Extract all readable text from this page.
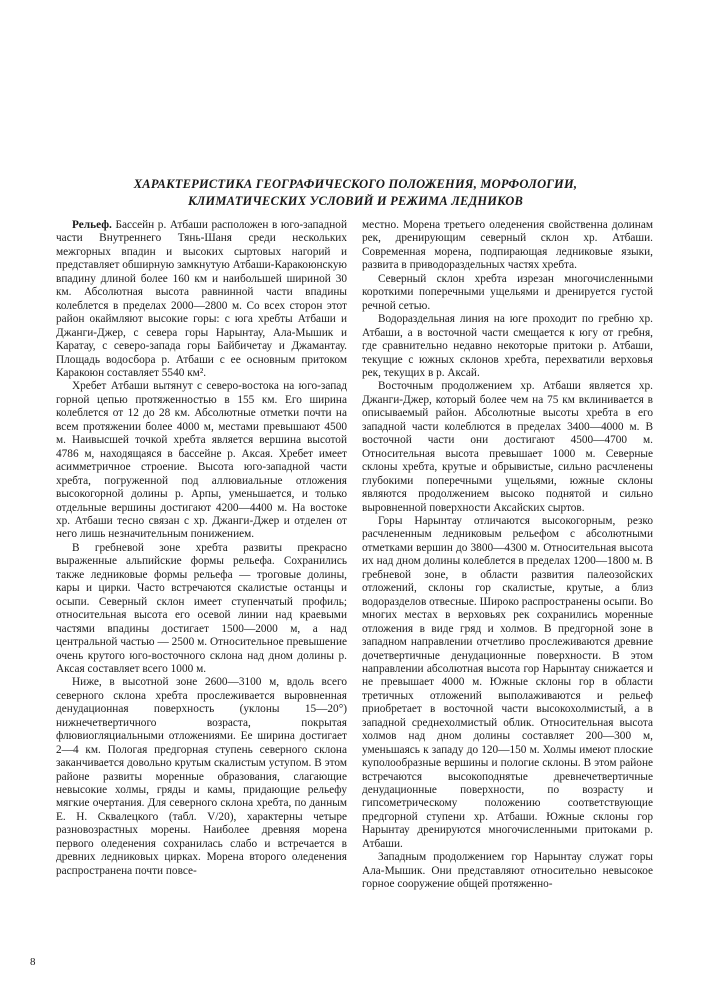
ХАРАКТЕРИСТИКА ГЕОГРАФИЧЕСКОГО ПОЛОЖЕНИЯ, МОРФОЛОГИИ,
КЛИМАТИЧЕСКИХ УСЛОВИЙ И РЕЖИМА ЛЕДНИКОВ

Рельеф. Бассейн р. Атбаши расположен в юго-западной части Внутреннего Тянь-Шаня среди нескольких межгорных впадин и высоких сыртовых нагорий и представляет обширную замкнутую Атбаши-Каракоюнскую впадину длиной более 160 км и наибольшей шириной 30 км. Абсолютная высота равнинной части впадины колеблется в пределах 2000—2800 м. Со всех сторон этот район окаймляют высокие горы: с юга хребты Атбаши и Джанги-Джер, с севера горы Нарынтау, Ала-Мышик и Каратау, с северо-запада горы Байбичетау и Джамантау. Площадь водосбора р. Атбаши с ее основным притоком Каракоюн составляет 5540 км².

Хребет Атбаши вытянут с северо-востока на юго-запад горной цепью протяженностью в 155 км. Его ширина колеблется от 12 до 28 км. Абсолютные отметки почти на всем протяжении более 4000 м, местами превышают 4500 м. Наивысшей точкой хребта является вершина высотой 4786 м, находящаяся в бассейне р. Аксая. Хребет имеет асимметричное строение. Высота юго-западной части хребта, погруженной под аллювиальные отложения высокогорной долины р. Арпы, уменьшается, и только отдельные вершины достигают 4200—4400 м. На востоке хр. Атбаши тесно связан с хр. Джанги-Джер и отделен от него лишь незначительным понижением.

В гребневой зоне хребта развиты прекрасно выраженные альпийские формы рельефа. Сохранились также ледниковые формы рельефа — троговые долины, кары и цирки. Часто встречаются скалистые останцы и осыпи. Северный склон имеет ступенчатый профиль; относительная высота его осевой линии над краевыми частями впадины достигает 1500—2000 м, а над центральной частью — 2500 м. Относительное превышение очень крутого юго-восточного склона над дном долины р. Аксая составляет всего 1000 м.

Ниже, в высотной зоне 2600—3100 м, вдоль всего северного склона хребта прослеживается выровненная денудационная поверхность (уклоны 15—20°) нижнечетвертичного возраста, покрытая флювиогляциальными отложениями. Ее ширина достигает 2—4 км. Пологая предгорная ступень северного склона заканчивается довольно крутым скалистым уступом. В этом районе развиты моренные образования, слагающие невысокие холмы, гряды и камы, придающие рельефу мягкие очертания. Для северного склона хребта, по данным Е. Н. Сквалецкого (табл. V/20), характерны четыре разновозрастных морены. Наиболее древняя морена первого оледенения сохранилась слабо и встречается в древних ледниковых цирках. Морена второго оледенения распространена почти повсе-

местно. Морена третьего оледенения свойственна долинам рек, дренирующим северный склон хр. Атбаши. Современная морена, подпирающая ледниковые языки, развита в приводораздельных частях хребта.

Северный склон хребта изрезан многочисленными короткими поперечными ущельями и дренируется густой речной сетью.

Водораздельная линия на юге проходит по гребню хр. Атбаши, а в восточной части смещается к югу от гребня, где сравнительно недавно некоторые притоки р. Атбаши, текущие с южных склонов хребта, перехватили верховья рек, текущих в р. Аксай.

Восточным продолжением хр. Атбаши является хр. Джанги-Джер, который более чем на 75 км вклинивается в описываемый район. Абсолютные высоты хребта в его западной части колеблются в пределах 3400—4000 м. В восточной части они достигают 4500—4700 м. Относительная высота превышает 1000 м. Северные склоны хребта, крутые и обрывистые, сильно расчленены глубокими поперечными ущельями, южные склоны являются продолжением высоко поднятой и сильно выровненной поверхности Аксайских сыртов.

Горы Нарынтау отличаются высокогорным, резко расчлененным ледниковым рельефом с абсолютными отметками вершин до 3800—4300 м. Относительная высота их над дном долины колеблется в пределах 1200—1800 м. В гребневой зоне, в области развития палеозойских отложений, склоны гор скалистые, крутые, а близ водоразделов отвесные. Широко распространены осыпи. Во многих местах в верховьях рек сохранились моренные отложения в виде гряд и холмов. В предгорной зоне в западном направлении отчетливо прослеживаются древние дочетвертичные денудационные поверхности. В этом направлении абсолютная высота гор Нарынтау снижается и не превышает 4000 м. Южные склоны гор в области третичных отложений выполаживаются и рельеф приобретает в восточной части высокохолмистый, а в западной среднехолмистый облик. Относительная высота холмов над дном долины составляет 200—300 м, уменьшаясь к западу до 120—150 м. Холмы имеют плоские куполообразные вершины и пологие склоны. В этом районе встречаются высокоподнятые древнечетвертичные денудационные поверхности, по возрасту и гипсометрическому положению соответствующие предгорной ступени хр. Атбаши. Южные склоны гор Нарынтау дренируются многочисленными притоками р. Атбаши.

Западным продолжением гор Нарынтау служат горы Ала-Мышик. Они представляют относительно невысокое горное сооружение общей протяженно-

8
